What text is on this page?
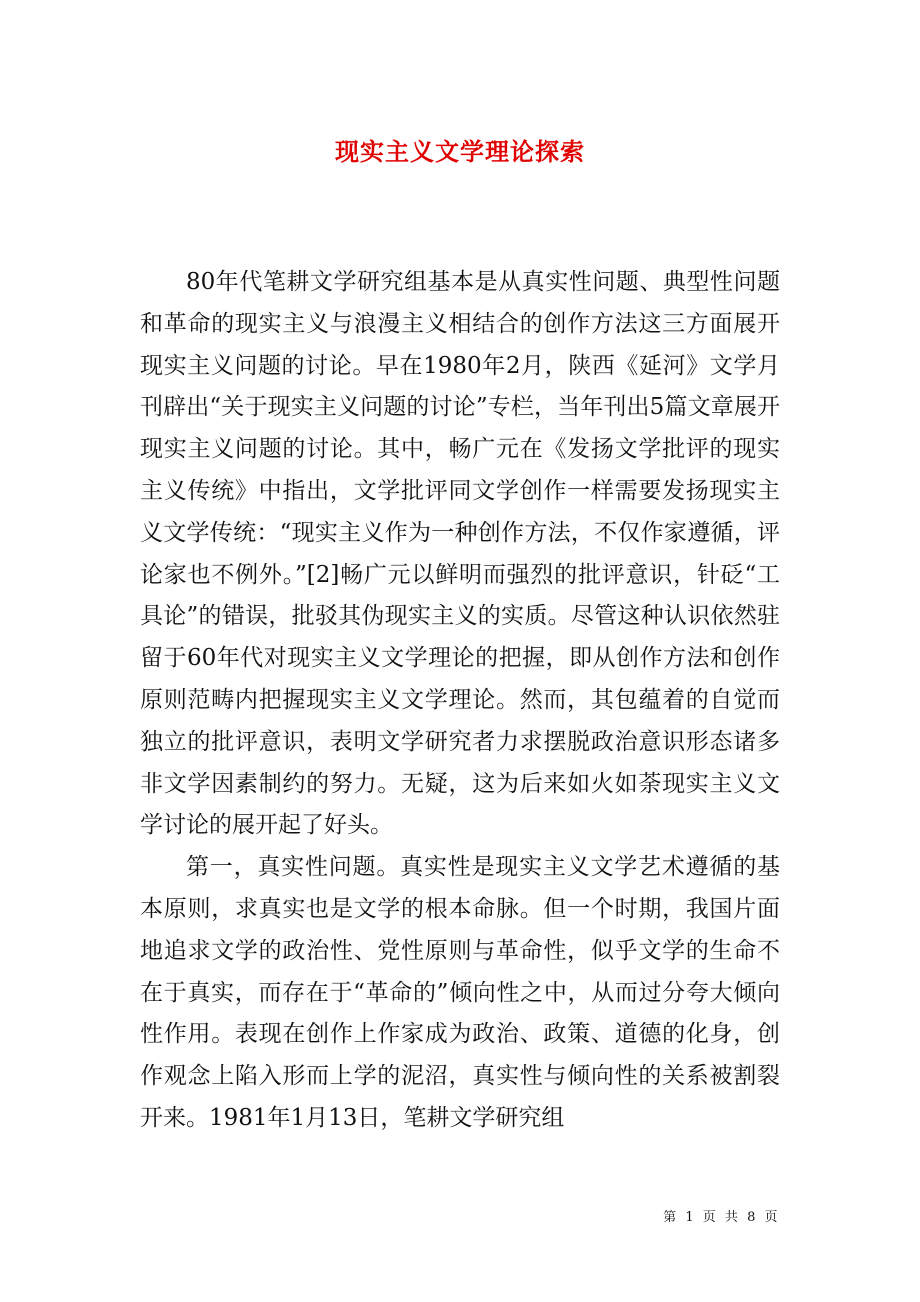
现实主义文学理论探索

80年代笔耕文学研究组基本是从真实性问题、典型性问题和革命的现实主义与浪漫主义相结合的创作方法这三方面展开现实主义问题的讨论。早在1980年2月，陕西《延河》文学月刊辟出“关于现实主义问题的讨论”专栏，当年刊出5篇文章展开现实主义问题的讨论。其中，畅广元在《发扬文学批评的现实主义传统》中指出，文学批评同文学创作一样需要发扬现实主义文学传统：“现实主义作为一种创作方法，不仅作家遵循，评论家也不例外。”[2]畅广元以鲜明而强烈的批评意识，针砭“工具论”的错误，批驳其伪现实主义的实质。尽管这种认识依然驻留于60年代对现实主义文学理论的把握，即从创作方法和创作原则范畴内把握现实主义文学理论。然而，其包蕴着的自觉而独立的批评意识，表明文学研究者力求摆脱政治意识形态诸多非文学因素制约的努力。无疑，这为后来如火如荼现实主义文学讨论的展开起了好头。

第一，真实性问题。真实性是现实主义文学艺术遵循的基本原则，求真实也是文学的根本命脉。但一个时期，我国片面地追求文学的政治性、党性原则与革命性，似乎文学的生命不在于真实，而存在于“革命的”倾向性之中，从而过分夸大倾向性作用。表现在创作上作家成为政治、政策、道德的化身，创作观念上陷入形而上学的泥沼，真实性与倾向性的关系被割裂开来。1981年1月13日，笔耕文学研究组

第 1 页 共 8 页
